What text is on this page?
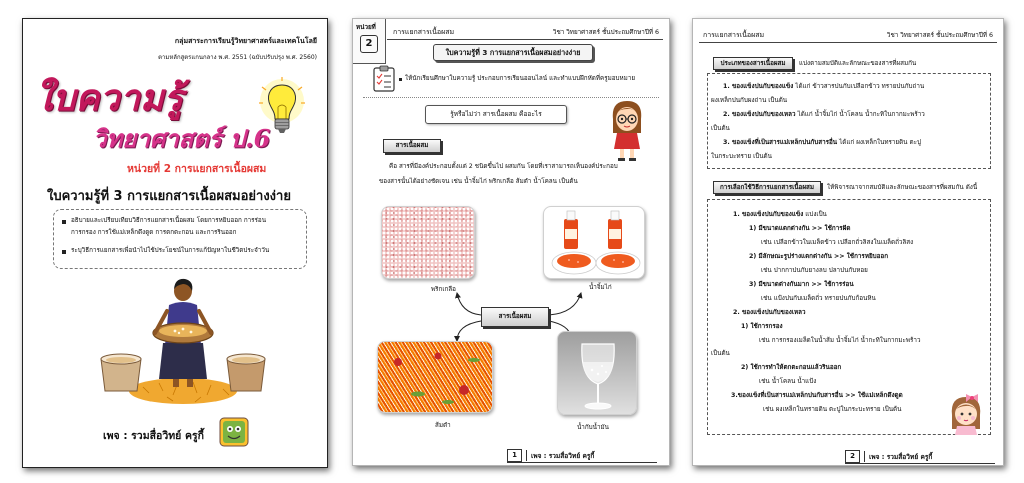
กลุ่มสาระการเรียนรู้วิทยาศาสตร์และเทคโนโลยี
ตามหลักสูตรแกนกลาง พ.ศ. 2551 (ฉบับปรับปรุง พ.ศ. 2560)
ใบความรู้
วิทยาศาสตร์ ป.6
หน่วยที่ 2 การแยกสารเนื้อผสม
ใบความรู้ที่ 3 การแยกสารเนื้อผสมอย่างง่าย
อธิบายและเปรียบเทียบวิธีการแยกสารเนื้อผสม โดยการหยิบออก การร่อน
การกรอง การใช้แม่เหล็กดึงดูด การตกตะกอน และการรินออก
ระบุวิธีการแยกสารเพื่อนำไปใช้ประโยชน์ในการแก้ปัญหาในชีวิตประจำวัน
เพจ : รวมสื่อวิทย์ ครูกี้
หน่วยที่
2
การแยกสารเนื้อผสม	วิชา วิทยาศาสตร์ ชั้นประถมศึกษาปีที่ 6
ใบความรู้ที่ 3 การแยกสารเนื้อผสมอย่างง่าย
ให้นักเรียนศึกษาใบความรู้ ประกอบการเรียนออนไลน์ และทำแบบฝึกหัดที่ครูมอบหมาย
รู้หรือไม่ว่า สารเนื้อผสม คืออะไร
สารเนื้อผสม
คือ สารที่มีองค์ประกอบตั้งแต่ 2 ชนิดขึ้นไป ผสมกัน โดยที่เราสามารถเห็นองค์ประกอบ
ของสารนั้นได้อย่างชัดเจน เช่น น้ำจิ้มไก่ พริกเกลือ ส้มตำ น้ำโคลน เป็นต้น
พริกเกลือ	น้ำจิ้มไก่
สารเนื้อผสม
ส้มตำ	น้ำกับน้ำมัน
1	เพจ : รวมสื่อวิทย์ ครูกี้
การแยกสารเนื้อผสม	วิชา วิทยาศาสตร์ ชั้นประถมศึกษาปีที่ 6
ประเภทของสารเนื้อผสม	แบ่งตามสมบัติและลักษณะของสารที่ผสมกัน
1. ของแข็งปนกับของแข็ง ได้แก่ ข้าวสารปนกับเปลือกข้าว ทรายปนกับถ่าน
ผงเหล็กปนกับผงถ่าน เป็นต้น
2. ของแข็งปนกับของเหลว ได้แก่ น้ำจิ้มไก่ น้ำโคลน น้ำกะทิในกากมะพร้าว
เป็นต้น
3. ของแข็งที่เป็นสารแม่เหล็กปนกับสารอื่น ได้แก่ ผงเหล็กในทรายดิน ตะปู
ในกระบะทราย เป็นต้น
การเลือกใช้วิธีการแยกสารเนื้อผสม	ให้พิจารณาจากสมบัติและลักษณะของสารที่ผสมกัน ดังนี้
1. ของแข็งปนกับของแข็ง แบ่งเป็น
1) มีขนาดแตกต่างกัน >> ใช้การฝัด
เช่น เปลือกข้าวในเมล็ดข้าว เปลือกถั่วลิสงในเมล็ดถั่วลิสง
2) มีลักษณะรูปร่างแตกต่างกัน >> ใช้การหยิบออก
เช่น ปากกาปนกับยางลบ ปลาปนกับหอย
3) มีขนาดต่างกันมาก >> ใช้การร่อน
เช่น แป้งปนกับเมล็ดถั่ว ทรายปนกับก้อนหิน
2. ของแข็งปนกับของเหลว
1) ใช้การกรอง
เช่น การกรองเมล็ดในน้ำส้ม น้ำจิ้มไก่ น้ำกะทิในกากมะพร้าว
เป็นต้น
2) ใช้การทำให้ตกตะกอนแล้วรินออก
เช่น น้ำโคลน น้ำแป้ง
3.ของแข็งที่เป็นสารแม่เหล็กปนกับสารอื่น >> ใช้แม่เหล็กดึงดูด
เช่น ผงเหล็กในทรายดิน ตะปูในกระบะทราย เป็นต้น
2	เพจ : รวมสื่อวิทย์ ครูกี้
